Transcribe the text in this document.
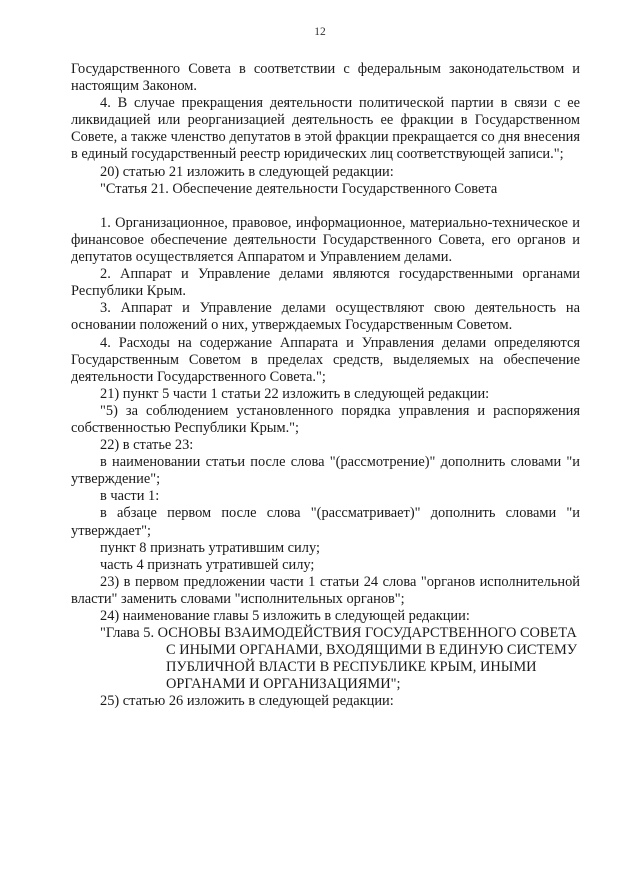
12

Государственного Совета в соответствии с федеральным законодательством и настоящим Законом.

4. В случае прекращения деятельности политической партии в связи с ее ликвидацией или реорганизацией деятельность ее фракции в Государственном Совете, а также членство депутатов в этой фракции прекращается со дня внесения в единый государственный реестр юридических лиц соответствующей записи.";

20) статью 21 изложить в следующей редакции:

"Статья 21. Обеспечение деятельности Государственного Совета

1. Организационное, правовое, информационное, материально-техническое и финансовое обеспечение деятельности Государственного Совета, его органов и депутатов осуществляется Аппаратом и Управлением делами.

2. Аппарат и Управление делами являются государственными органами Республики Крым.

3. Аппарат и Управление делами осуществляют свою деятельность на основании положений о них, утверждаемых Государственным Советом.

4. Расходы на содержание Аппарата и Управления делами определяются Государственным Советом в пределах средств, выделяемых на обеспечение деятельности Государственного Совета.";

21) пункт 5 части 1 статьи 22 изложить в следующей редакции:

"5) за соблюдением установленного порядка управления и распоряжения собственностью Республики Крым.";

22) в статье 23:

в наименовании статьи после слова "(рассмотрение)" дополнить словами "и утверждение";

в части 1:

в абзаце первом после слова "(рассматривает)" дополнить словами "и утверждает";

пункт 8 признать утратившим силу;

часть 4 признать утратившей силу;

23) в первом предложении части 1 статьи 24 слова "органов исполнительной власти" заменить словами "исполнительных органов";

24) наименование главы 5 изложить в следующей редакции:

"Глава 5. ОСНОВЫ ВЗАИМОДЕЙСТВИЯ ГОСУДАРСТВЕННОГО СОВЕТА С ИНЫМИ ОРГАНАМИ, ВХОДЯЩИМИ В ЕДИНУЮ СИСТЕМУ ПУБЛИЧНОЙ ВЛАСТИ В РЕСПУБЛИКЕ КРЫМ, ИНЫМИ ОРГАНАМИ И ОРГАНИЗАЦИЯМИ";

25) статью 26 изложить в следующей редакции:
